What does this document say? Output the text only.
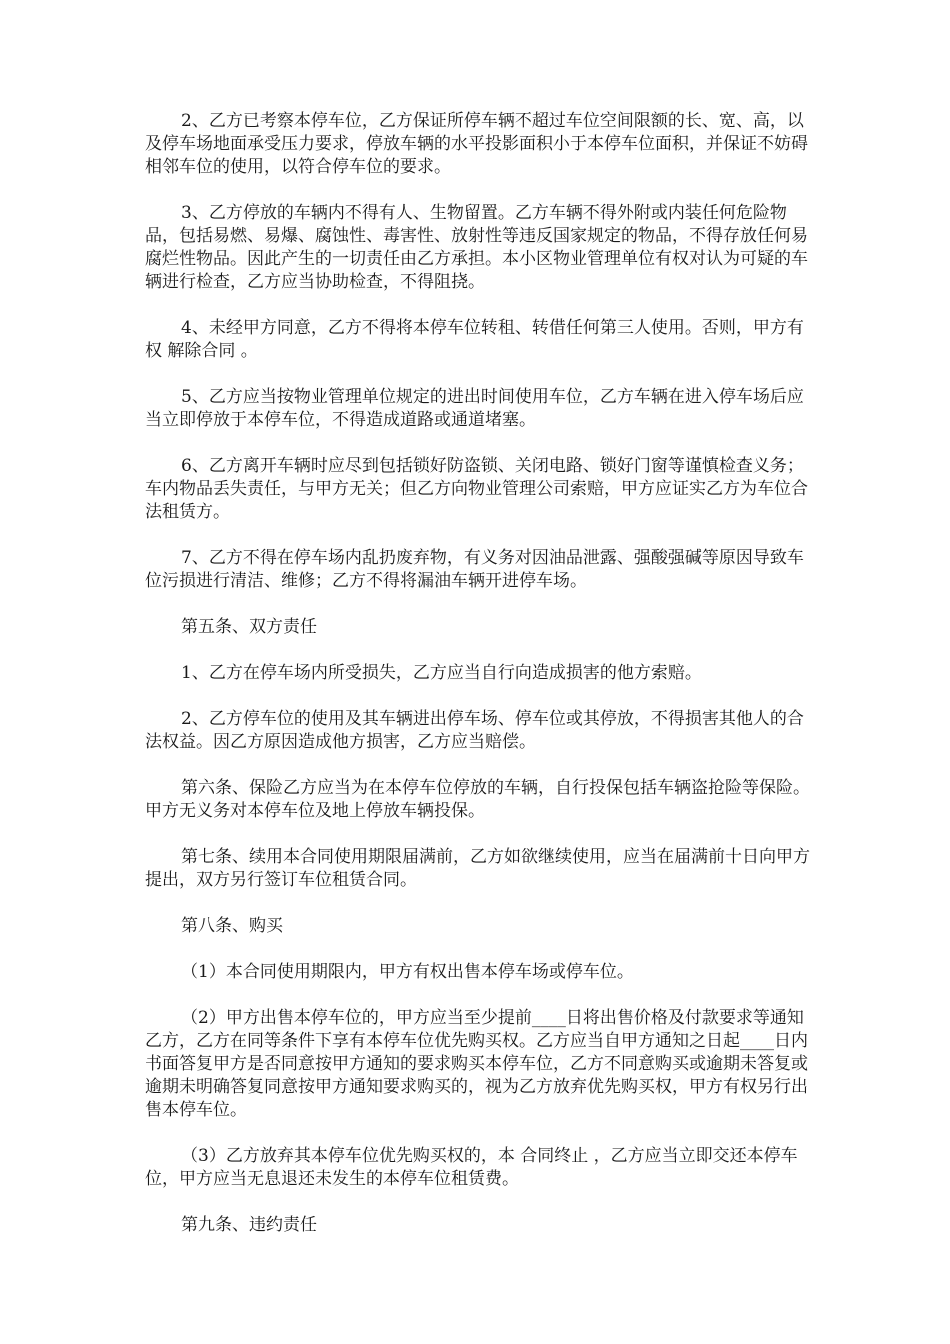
2、乙方已考察本停车位，乙方保证所停车辆不超过车位空间限额的长、宽、高，以及停车场地面承受压力要求，停放车辆的水平投影面积小于本停车位面积，并保证不妨碍相邻车位的使用，以符合停车位的要求。

3、乙方停放的车辆内不得有人、生物留置。乙方车辆不得外附或内装任何危险物品，包括易燃、易爆、腐蚀性、毒害性、放射性等违反国家规定的物品，不得存放任何易腐烂性物品。因此产生的一切责任由乙方承担。本小区物业管理单位有权对认为可疑的车辆进行检查，乙方应当协助检查，不得阻挠。

4、未经甲方同意，乙方不得将本停车位转租、转借任何第三人使用。否则，甲方有权 解除合同 。

5、乙方应当按物业管理单位规定的进出时间使用车位，乙方车辆在进入停车场后应当立即停放于本停车位，不得造成道路或通道堵塞。

6、乙方离开车辆时应尽到包括锁好防盗锁、关闭电路、锁好门窗等谨慎检查义务；车内物品丢失责任，与甲方无关；但乙方向物业管理公司索赔，甲方应证实乙方为车位合法租赁方。

7、乙方不得在停车场内乱扔废弃物，有义务对因油品泄露、强酸强碱等原因导致车位污损进行清洁、维修；乙方不得将漏油车辆开进停车场。

第五条、双方责任

1、乙方在停车场内所受损失，乙方应当自行向造成损害的他方索赔。

2、乙方停车位的使用及其车辆进出停车场、停车位或其停放，不得损害其他人的合法权益。因乙方原因造成他方损害，乙方应当赔偿。

第六条、保险乙方应当为在本停车位停放的车辆，自行投保包括车辆盗抢险等保险。甲方无义务对本停车位及地上停放车辆投保。

第七条、续用本合同使用期限届满前，乙方如欲继续使用，应当在届满前十日向甲方提出，双方另行签订车位租赁合同。

第八条、购买

（1）本合同使用期限内，甲方有权出售本停车场或停车位。

（2）甲方出售本停车位的，甲方应当至少提前____日将出售价格及付款要求等通知乙方，乙方在同等条件下享有本停车位优先购买权。乙方应当自甲方通知之日起____日内书面答复甲方是否同意按甲方通知的要求购买本停车位，乙方不同意购买或逾期未答复或逾期未明确答复同意按甲方通知要求购买的，视为乙方放弃优先购买权，甲方有权另行出售本停车位。

（3）乙方放弃其本停车位优先购买权的，本 合同终止 ，乙方应当立即交还本停车位，甲方应当无息退还未发生的本停车位租赁费。

第九条、违约责任
